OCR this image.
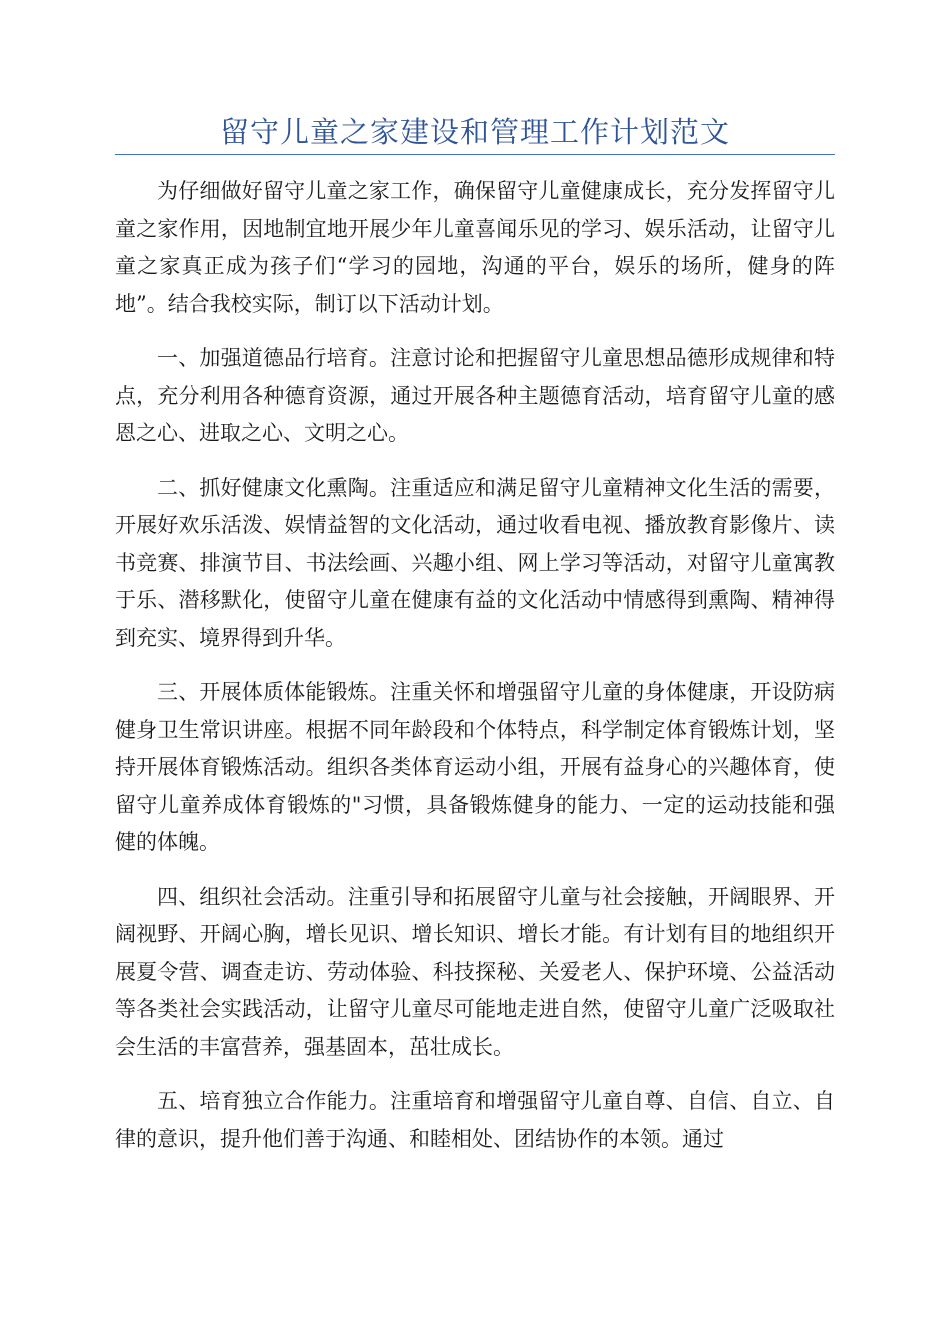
留守儿童之家建设和管理工作计划范文

为仔细做好留守儿童之家工作，确保留守儿童健康成长，充分发挥留守儿童之家作用，因地制宜地开展少年儿童喜闻乐见的学习、娱乐活动，让留守儿童之家真正成为孩子们“学习的园地，沟通的平台，娱乐的场所，健身的阵地”。结合我校实际，制订以下活动计划。

一、加强道德品行培育。注意讨论和把握留守儿童思想品德形成规律和特点，充分利用各种德育资源，通过开展各种主题德育活动，培育留守儿童的感恩之心、进取之心、文明之心。

二、抓好健康文化熏陶。注重适应和满足留守儿童精神文化生活的需要，开展好欢乐活泼、娱情益智的文化活动，通过收看电视、播放教育影像片、读书竞赛、排演节目、书法绘画、兴趣小组、网上学习等活动，对留守儿童寓教于乐、潜移默化，使留守儿童在健康有益的文化活动中情感得到熏陶、精神得到充实、境界得到升华。

三、开展体质体能锻炼。注重关怀和增强留守儿童的身体健康，开设防病健身卫生常识讲座。根据不同年龄段和个体特点，科学制定体育锻炼计划，坚持开展体育锻炼活动。组织各类体育运动小组，开展有益身心的兴趣体育，使留守儿童养成体育锻炼的"习惯，具备锻炼健身的能力、一定的运动技能和强健的体魄。

四、组织社会活动。注重引导和拓展留守儿童与社会接触，开阔眼界、开阔视野、开阔心胸，增长见识、增长知识、增长才能。有计划有目的地组织开展夏令营、调查走访、劳动体验、科技探秘、关爱老人、保护环境、公益活动等各类社会实践活动，让留守儿童尽可能地走进自然，使留守儿童广泛吸取社会生活的丰富营养，强基固本，茁壮成长。

五、培育独立合作能力。注重培育和增强留守儿童自尊、自信、自立、自律的意识，提升他们善于沟通、和睦相处、团结协作的本领。通过
